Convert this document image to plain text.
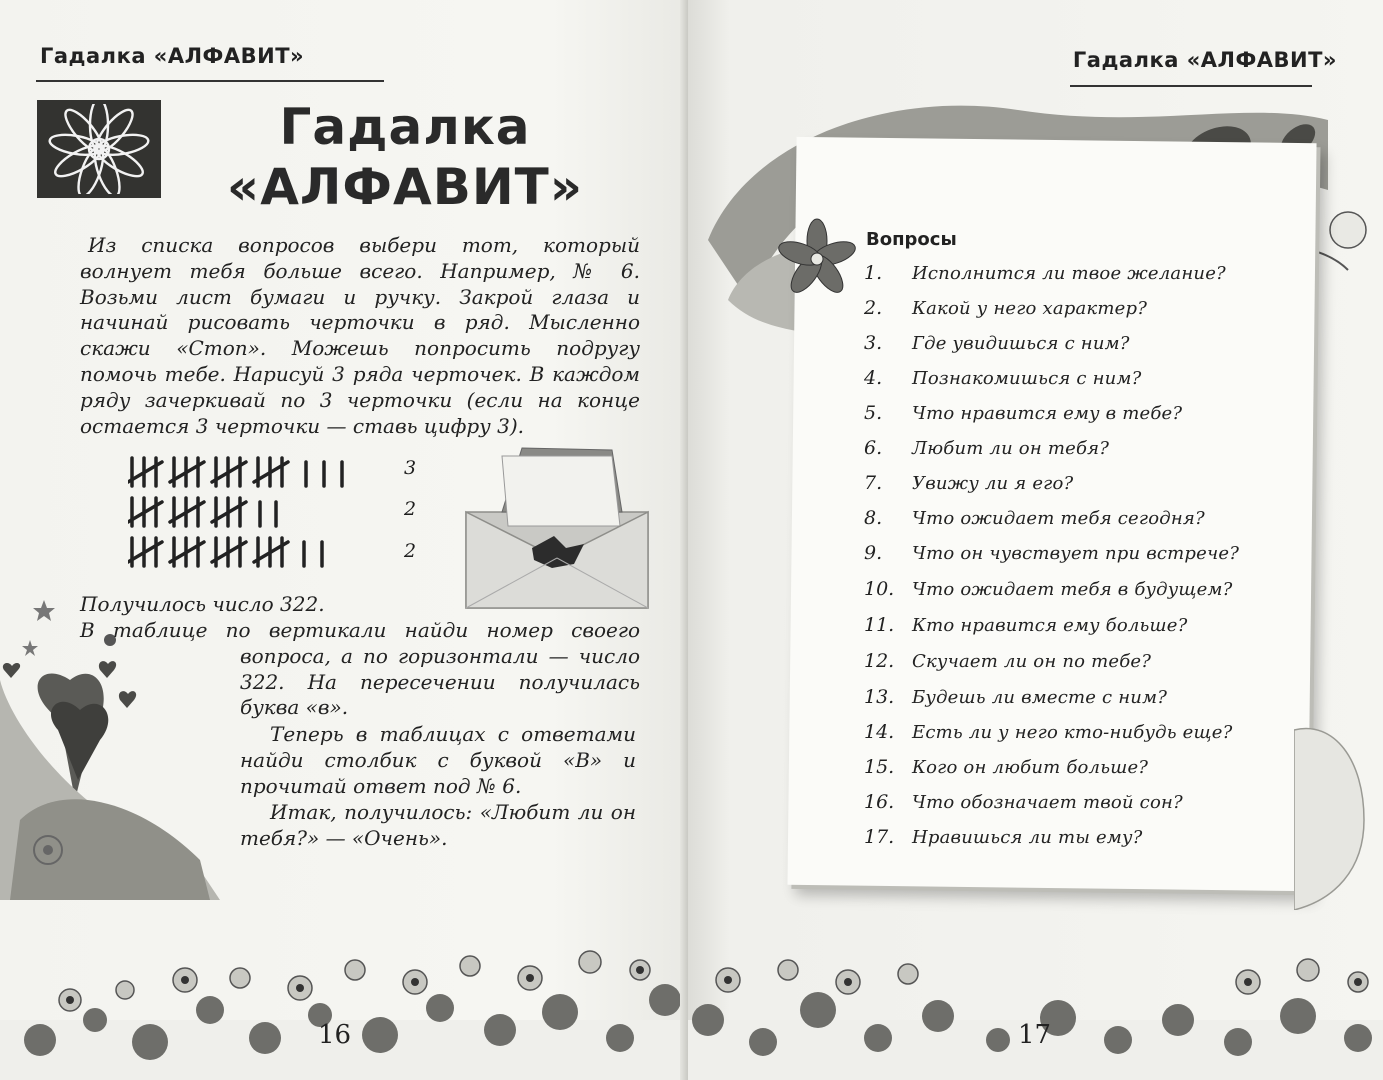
Гадалка «АЛФАВИТ»
Гадалка
«АЛФАВИТ»
Из списка вопросов выбери тот, который волнует тебя больше всего. Например, № 6. Возьми лист бумаги и ручку. Закрой глаза и начинай рисовать черточки в ряд. Мысленно скажи «Стоп». Можешь попросить подругу помочь тебе. Нарисуй 3 ряда черточек. В каждом ряду зачеркивай по 3 черточки (если на конце остается 3 черточки — ставь цифру 3).
3
2
2
Получилось число 322.
В таблице по вертикали найди номер своего вопроса, а по горизонтали — число 322. На пересечении получилась буква «в».
Теперь в таблицах с ответами найди столбик с буквой «В» и прочитай ответ под № 6.
Итак, получилось: «Любит ли он тебя?» — «Очень».
16
Гадалка «АЛФАВИТ»
Вопросы
1.	Исполнится ли твое желание?
2.	Какой у него характер?
3.	Где увидишься с ним?
4.	Познакомишься с ним?
5.	Что нравится ему в тебе?
6.	Любит ли он тебя?
7.	Увижу ли я его?
8.	Что ожидает тебя сегодня?
9.	Что он чувствует при встрече?
10. Что ожидает тебя в будущем?
11. Кто нравится ему больше?
12. Скучает ли он по тебе?
13. Будешь ли вместе с ним?
14. Есть ли у него кто-нибудь еще?
15. Кого он любит больше?
16. Что обозначает твой сон?
17. Нравишься ли ты ему?
17
